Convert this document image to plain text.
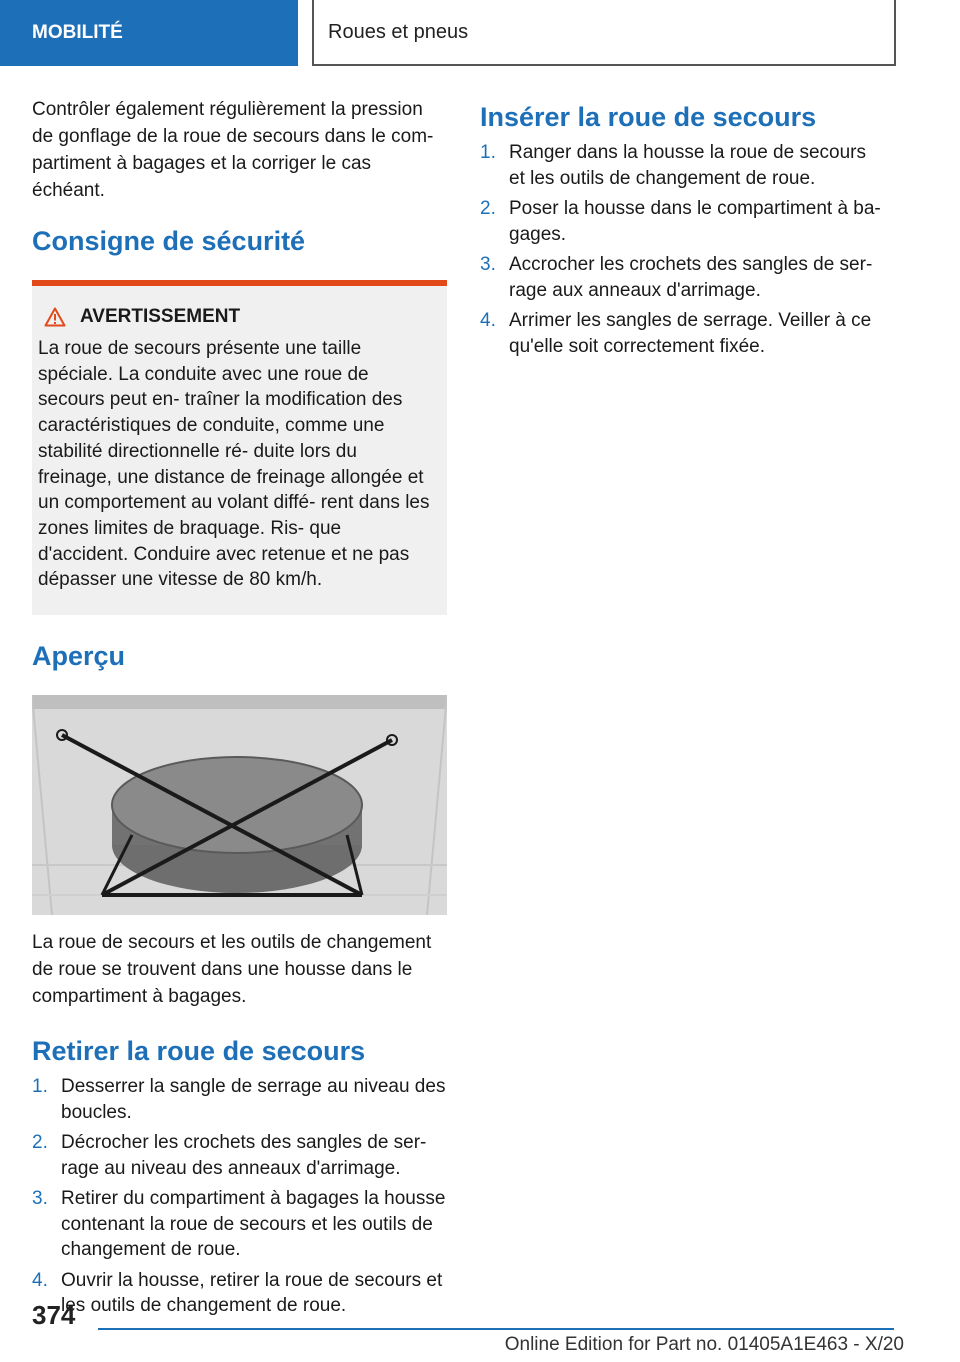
MOBILITÉ	Roues et pneus

Contrôler également régulièrement la pression de gonflage de la roue de secours dans le com‐ partiment à bagages et la corriger le cas échéant.

Consigne de sécurité
AVERTISSEMENT

La roue de secours présente une taille spéciale. La conduite avec une roue de secours peut en‐ traîner la modification des caractéristiques de conduite, comme une stabilité directionnelle ré‐ duite lors du freinage, une distance de freinage allongée et un comportement au volant diffé‐ rent dans les zones limites de braquage. Ris‐ que d'accident. Conduire avec retenue et ne pas dépasser une vitesse de 80 km/h.

Aperçu

La roue de secours et les outils de changement de roue se trouvent dans une housse dans le compartiment à bagages.

Retirer la roue de secours
1. Desserrer la sangle de serrage au niveau des boucles.
2. Décrocher les crochets des sangles de ser‐ rage au niveau des anneaux d'arrimage.
3. Retirer du compartiment à bagages la housse contenant la roue de secours et les outils de changement de roue.
4. Ouvrir la housse, retirer la roue de secours et les outils de changement de roue.
Insérer la roue de secours
1. Ranger dans la housse la roue de secours et les outils de changement de roue.
2. Poser la housse dans le compartiment à ba‐ gages.
3. Accrocher les crochets des sangles de ser‐ rage aux anneaux d'arrimage.
4. Arrimer les sangles de serrage. Veiller à ce qu'elle soit correctement fixée.
374
Online Edition for Part no. 01405A1E463 - X/20
